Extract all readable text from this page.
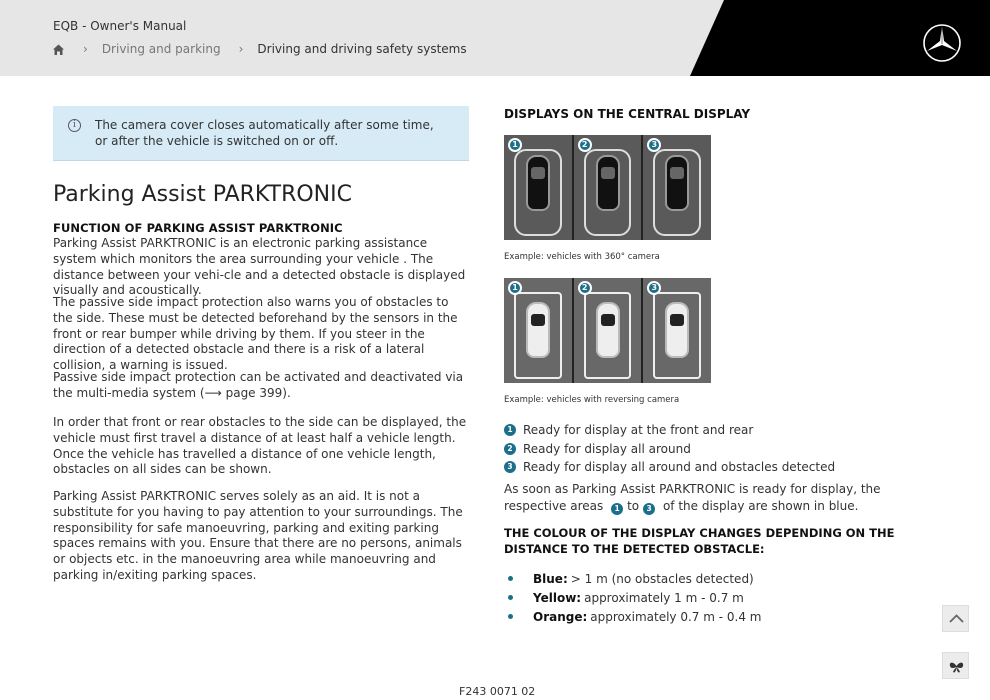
EQB - Owner's Manual
› Driving and parking › Driving and driving safety systems
i	The camera cover closes automatically after some time, or after the vehicle is switched on or off.
Parking Assist PARKTRONIC
FUNCTION OF PARKING ASSIST PARKTRONIC
Parking Assist PARKTRONIC is an electronic parking assistance system which monitors the area surrounding your vehicle . The distance between your vehi-cle and a detected obstacle is displayed visually and acoustically.
The passive side impact protection also warns you of obstacles to the side. These must be detected beforehand by the sensors in the front or rear bumper while driving by them. If you steer in the direction of a detected obstacle and there is a risk of a lateral collision, a warning is issued.
Passive side impact protection can be activated and deactivated via the multi-media system (⟶ page 399).
In order that front or rear obstacles to the side can be displayed, the vehicle must first travel a distance of at least half a vehicle length. Once the vehicle has travelled a distance of one vehicle length, obstacles on all sides can be shown.
Parking Assist PARKTRONIC serves solely as an aid. It is not a substitute for you having to pay attention to your surroundings. The responsibility for safe manoeuvring, parking and exiting parking spaces remains with you. Ensure that there are no persons, animals or objects etc. in the manoeuvring area while manoeuvring and parking in/exiting parking spaces.
DISPLAYS ON THE CENTRAL DISPLAY
1	2	3
Example: vehicles with 360° camera
1	2	3
Example: vehicles with reversing camera
1 Ready for display at the front and rear
2 Ready for display all around
3 Ready for display all around and obstacles detected
As soon as Parking Assist PARKTRONIC is ready for display, the respective areas 1 to 3 of the display are shown in blue.
THE COLOUR OF THE DISPLAY CHANGES DEPENDING ON THE DISTANCE TO THE DETECTED OBSTACLE:
Blue: > 1 m (no obstacles detected)
Yellow: approximately 1 m - 0.7 m
Orange: approximately 0.7 m - 0.4 m
F243 0071 02
